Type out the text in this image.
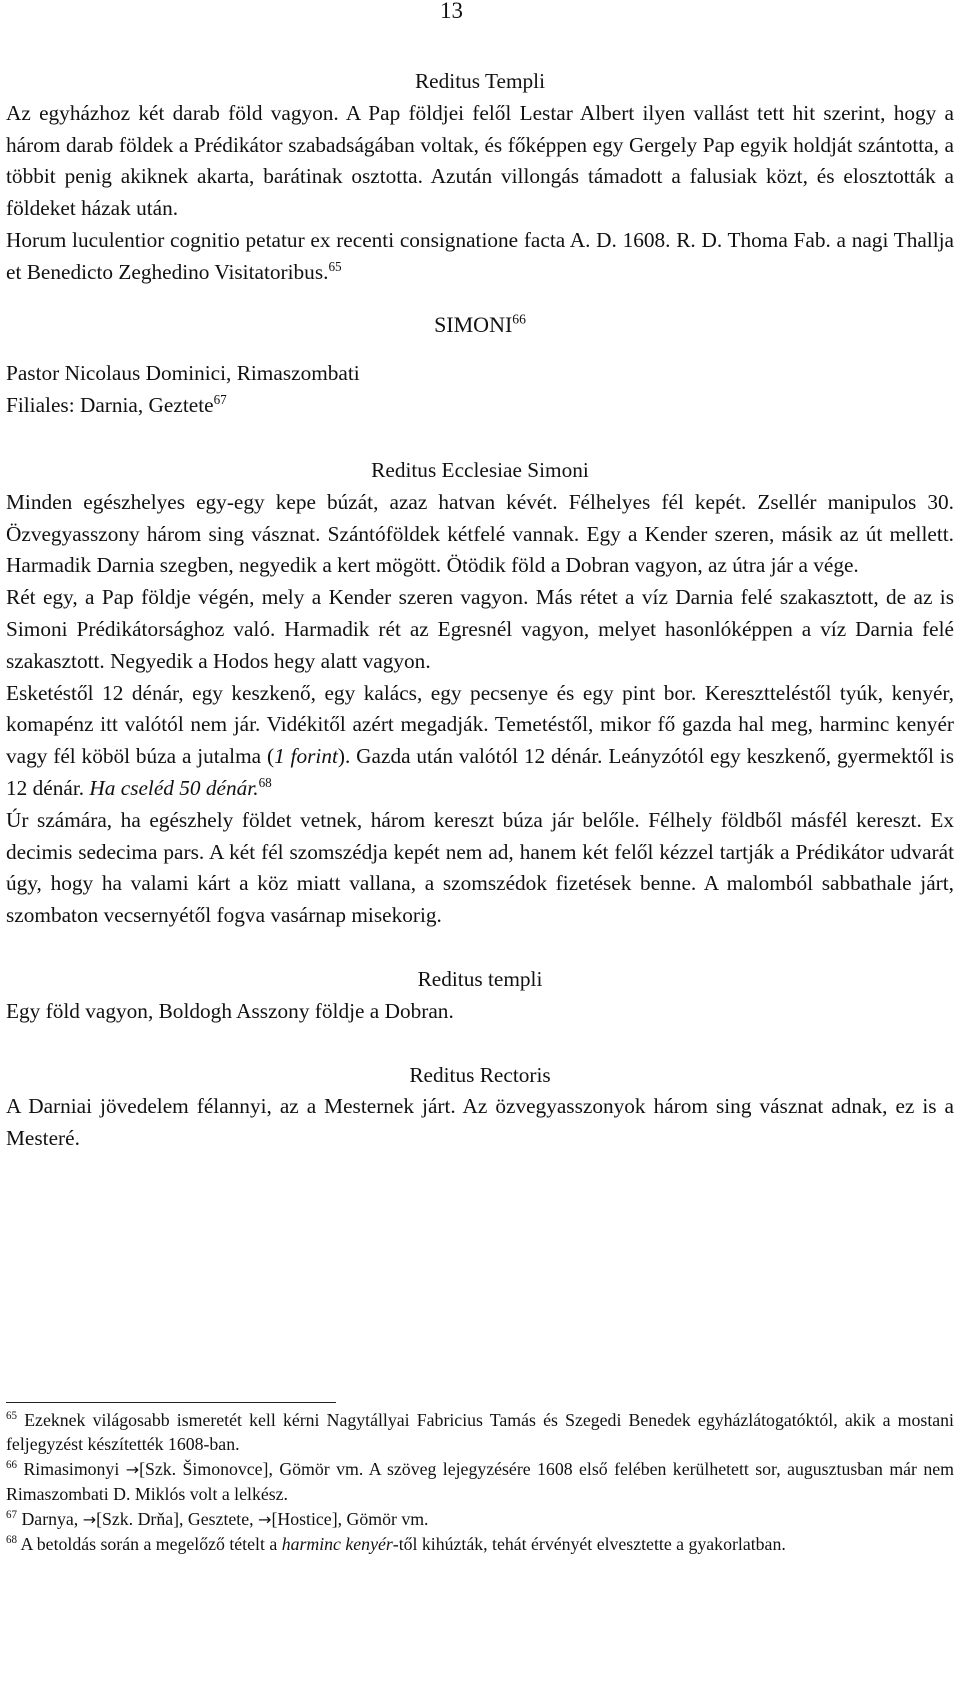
13
Reditus Templi

Az egyházhoz két darab föld vagyon. A Pap földjei felől Lestar Albert ilyen vallást tett hit szerint, hogy a három darab földek a Prédikátor szabadságában voltak, és főképpen egy Gergely Pap egyik holdját szántotta, a többit penig akiknek akarta, barátinak osztotta. Azután villongás támadott a falusiak közt, és elosztották a földeket házak után.

Horum luculentior cognitio petatur ex recenti consignatione facta A. D. 1608. R. D. Thoma Fab. a nagi Thallja et Benedicto Zeghedino Visitatoribus.$^{65}$

SIMONI$^{66}$
Pastor Nicolaus Dominici, Rimaszombati
Filiales: Darnia, Geztete$^{67}$
Reditus Ecclesiae Simoni

Minden egészhelyes egy-egy kepe búzát, azaz hatvan kévét. Félhelyes fél kepét. Zsellér manipulos 30. Özvegyasszony három sing vásznat. Szántóföldek kétfelé vannak. Egy a Kender szeren, másik az út mellett. Harmadik Darnia szegben, negyedik a kert mögött. Ötödik föld a Dobran vagyon, az útra jár a vége.

Rét egy, a Pap földje végén, mely a Kender szeren vagyon. Más rétet a víz Darnia felé szakasztott, de az is Simoni Prédikátorsághoz való. Harmadik rét az Egresnél vagyon, melyet hasonlóképpen a víz Darnia felé szakasztott. Negyedik a Hodos hegy alatt vagyon.

Esketéstől 12 dénár, egy keszkenő, egy kalács, egy pecsenye és egy pint bor. Keresztteléstől tyúk, kenyér, komapénz itt valótól nem jár. Vidékitől azért megadják. Temetéstől, mikor fő gazda hal meg, harminc kenyér vagy fél köböl búza a jutalma (1 forint). Gazda után valótól 12 dénár. Leányzótól egy keszkenő, gyermektől is 12 dénár. Ha cseléd 50 dénár.$^{68}$

Úr számára, ha egészhely földet vetnek, három kereszt búza jár belőle. Félhely földből másfél kereszt. Ex decimis sedecima pars. A két fél szomszédja kepét nem ad, hanem két felől kézzel tartják a Prédikátor udvarát úgy, hogy ha valami kárt a köz miatt vallana, a szomszédok fizetések benne. A malomból sabbathale járt, szombaton vecsernyétől fogva vasárnap misekorig.

Reditus templi

Egy föld vagyon, Boldogh Asszony földje a Dobran.

Reditus Rectoris

A Darniai jövedelem félannyi, az a Mesternek járt. Az özvegyasszonyok három sing vásznat adnak, ez is a Mesteré.

$^{65}$ Ezeknek világosabb ismeretét kell kérni Nagytállyai Fabricius Tamás és Szegedi Benedek egyházlátogatóktól, akik a mostani feljegyzést készítették 1608-ban.

$^{66}$ Rimasimonyi →[Szk. Šimonovce], Gömör vm. A szöveg lejegyzésére 1608 első felében kerülhetett sor, augusztusban már nem Rimaszombati D. Miklós volt a lelkész.

$^{67}$ Darnya, →[Szk. Drňa], Gesztete, →[Hostice], Gömör vm.

$^{68}$ A betoldás során a megelőző tételt a harminc kenyér-től kihúzták, tehát érvényét elvesztette a gyakorlatban.
